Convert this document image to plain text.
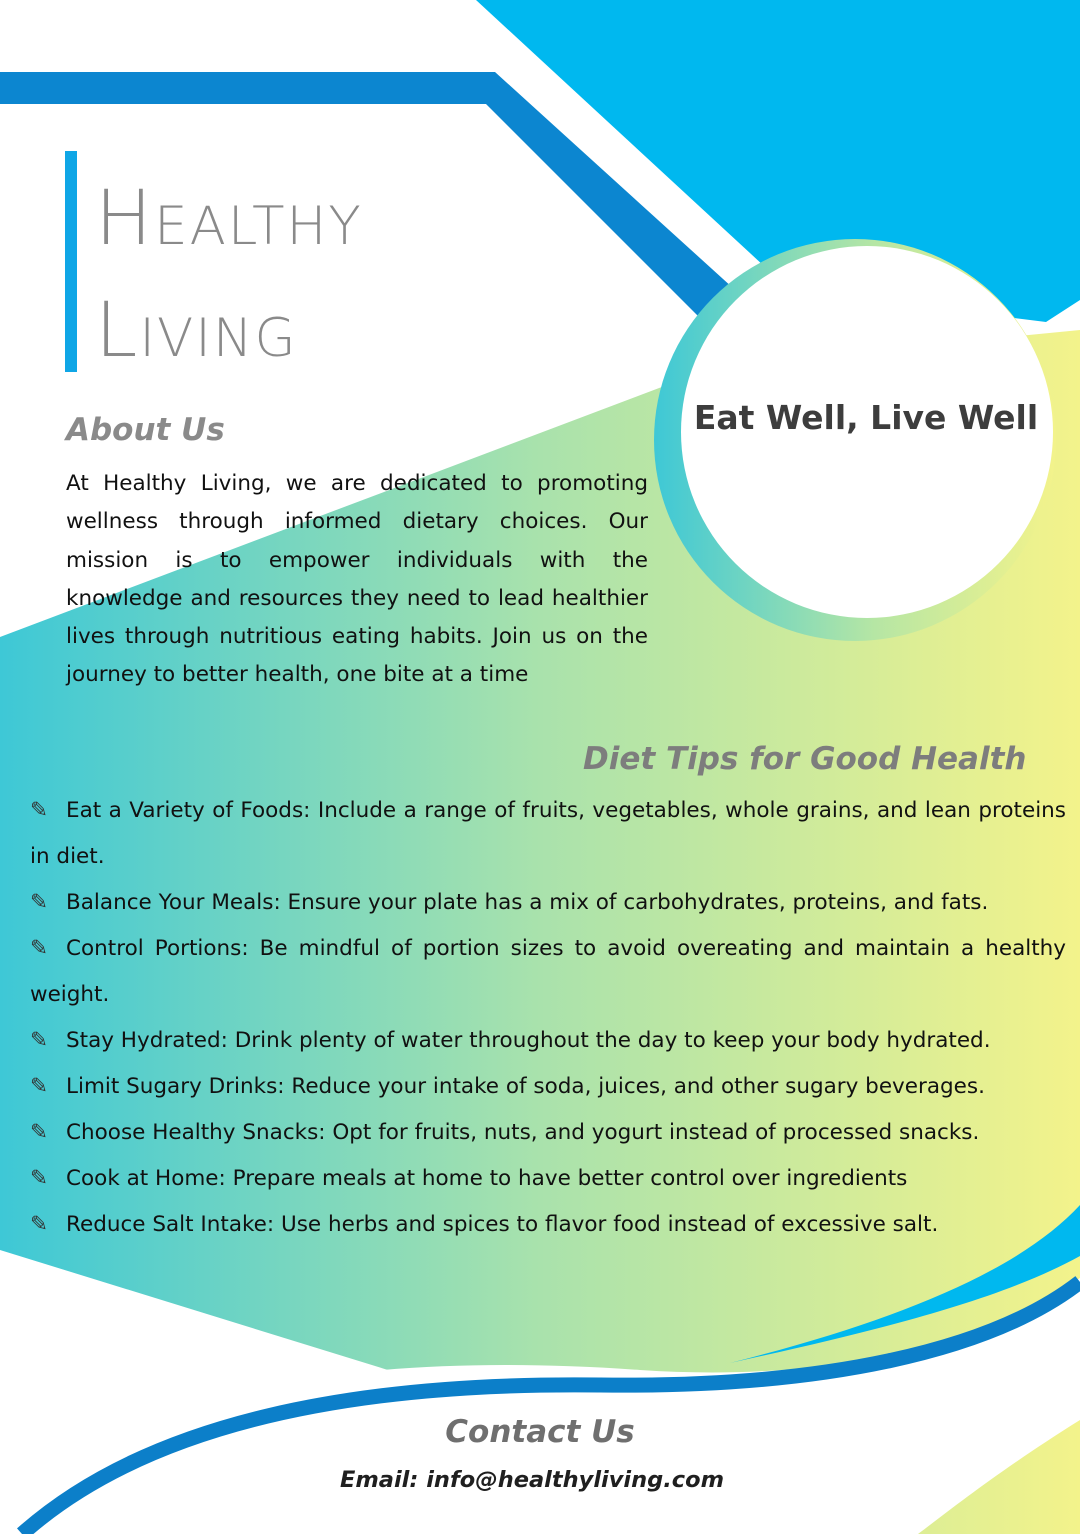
Healthy
Living

Eat Well, Live Well

About Us

At Healthy Living, we are dedicated to promoting wellness through informed dietary choices. Our mission is to empower individuals with the knowledge and resources they need to lead healthier lives through nutritious eating habits. Join us on the journey to better health, one bite at a time

Diet Tips for Good Health
✎ Eat a Variety of Foods: Include a range of fruits, vegetables, whole grains, and lean proteins in diet.
✎ Balance Your Meals: Ensure your plate has a mix of carbohydrates, proteins, and fats.
✎ Control Portions: Be mindful of portion sizes to avoid overeating and maintain a healthy weight.
✎ Stay Hydrated: Drink plenty of water throughout the day to keep your body hydrated.
✎ Limit Sugary Drinks: Reduce your intake of soda, juices, and other sugary beverages.
✎ Choose Healthy Snacks: Opt for fruits, nuts, and yogurt instead of processed snacks.
✎ Cook at Home: Prepare meals at home to have better control over ingredients
✎ Reduce Salt Intake: Use herbs and spices to flavor food instead of excessive salt.
Contact Us

Email: info@healthyliving.com
